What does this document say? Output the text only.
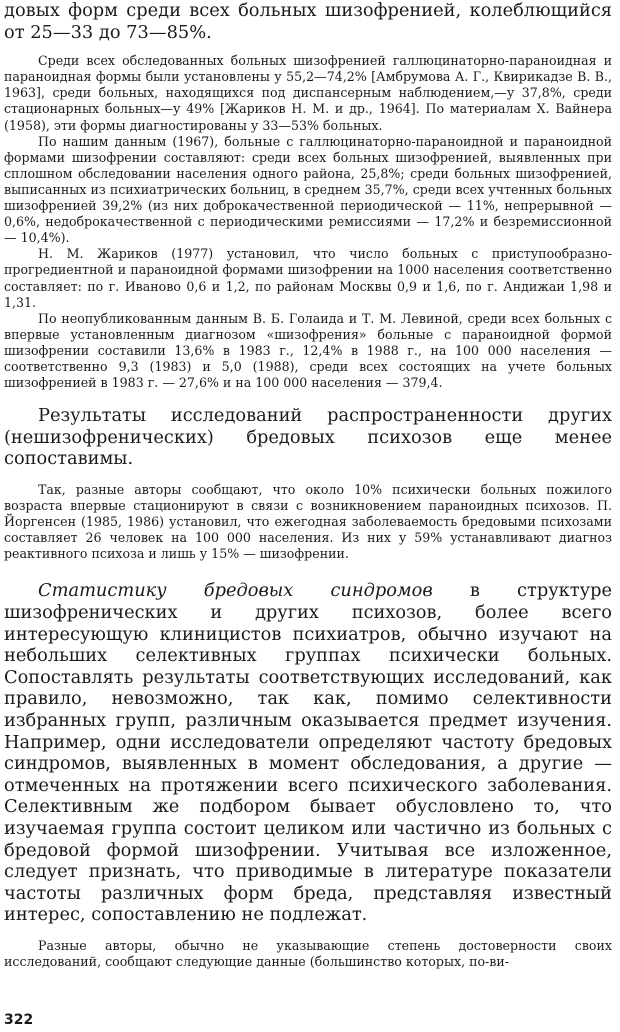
довых форм среди всех больных шизофренией, колеблющийся от 25—33 до 73—85%.

Среди всех обследованных больных шизофренией галлюцинаторно-параноидная и параноидная формы были установлены у 55,2—74,2% [Амбрумова А. Г., Квирикадзе В. В., 1963], среди больных, находящихся под диспансерным наблюдением,—у 37,8%, среди стационарных больных—у 49% [Жариков Н. М. и др., 1964]. По материалам X. Вайнера (1958), эти формы диагностированы у 33—53% больных.

По нашим данным (1967), больные с галлюцинаторно-параноидной и параноидной формами шизофрении составляют: среди всех больных шизофренией, выявленных при сплошном обследовании населения одного района, 25,8%; среди больных шизофренией, выписанных из психиатрических больниц, в среднем 35,7%, среди всех учтенных больных шизофренией 39,2% (из них доброкачественной периодической — 11%, непрерывной — 0,6%, недоброкачественной с периодическими ремиссиями — 17,2% и безремиссионной — 10,4%).

Н. М. Жариков (1977) установил, что число больных с приступообразно-прогредиентной и параноидной формами шизофрении на 1000 населения соответственно составляет: по г. Иваново 0,6 и 1,2, по районам Москвы 0,9 и 1,6, по г. Андижаи 1,98 и 1,31.

По неопубликованным данным В. Б. Голаида и Т. М. Левиной, среди всех больных с впервые установленным диагнозом «шизофрения» больные с параноидной формой шизофрении составили 13,6% в 1983 г., 12,4% в 1988 г., на 100 000 населения — соответственно 9,3 (1983) и 5,0 (1988), среди всех состоящих на учете больных шизофренией в 1983 г. — 27,6% и на 100 000 населения — 379,4.

Результаты исследований распространенности других (нешизофренических) бредовых психозов еще менее сопоставимы.

Так, разные авторы сообщают, что около 10% психически больных пожилого возраста впервые стационируют в связи с возникновением параноидных психозов. П. Йоргенсен (1985, 1986) установил, что ежегодная заболеваемость бредовыми психозами составляет 26 человек на 100 000 населения. Из них у 59% устанавливают диагноз реактивного психоза и лишь у 15% — шизофрении.

Статистику бредовых синдромов в структуре шизофренических и других психозов, более всего интересующую клиницистов психиатров, обычно изучают на небольших селективных группах психически больных. Сопоставлять результаты соответствующих исследований, как правило, невозможно, так как, помимо селективности избранных групп, различным оказывается предмет изучения. Например, одни исследователи определяют частоту бредовых синдромов, выявленных в момент обследования, а другие — отмеченных на протяжении всего психического заболевания. Селективным же подбором бывает обусловлено то, что изучаемая группа состоит целиком или частично из больных с бредовой формой шизофрении. Учитывая все изложенное, следует признать, что приводимые в литературе показатели частоты различных форм бреда, представляя известный интерес, сопоставлению не подлежат.

Разные авторы, обычно не указывающие степень достоверности своих исследований, сообщают следующие данные (большинство которых, по-ви-

322
